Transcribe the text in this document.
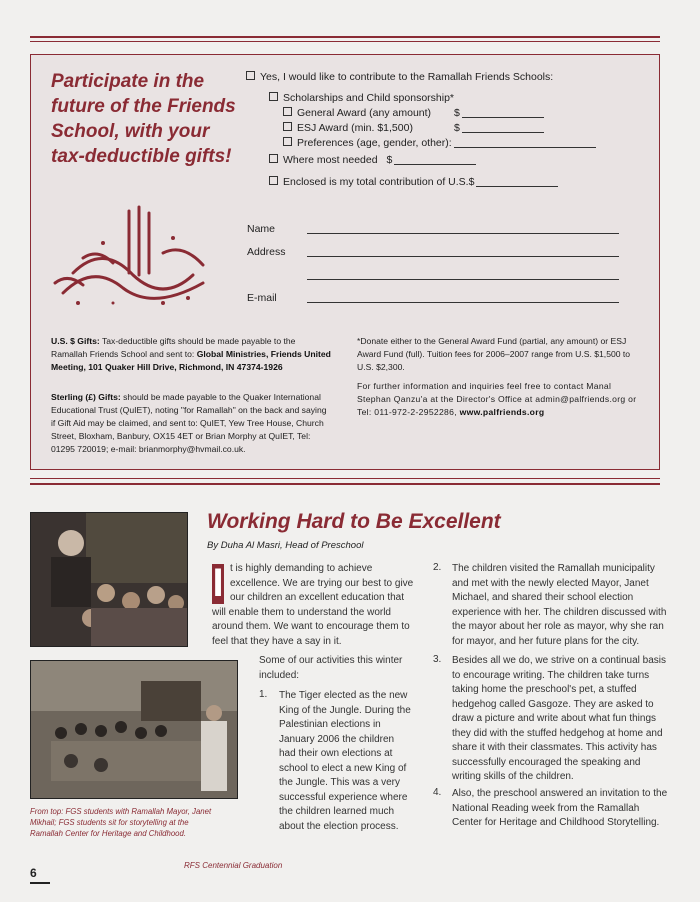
Participate in the future of the Friends School, with your tax-deductible gifts!
Yes, I would like to contribute to the Ramallah Friends Schools:
Scholarships and Child sponsorship*
General Award (any amount) $
ESJ Award (min. $1,500)	$
Preferences (age, gender, other):
Where most needed $
Enclosed is my total contribution of U.S.$
Name
Address
E-mail
U.S. $ Gifts: Tax-deductible gifts should be made payable to the Ramallah Friends School and sent to: Global Ministries, Friends United Meeting, 101 Quaker Hill Drive, Richmond, IN 47374-1926
Sterling (£) Gifts: should be made payable to the Quaker International Educational Trust (QuIET), noting "for Ramallah" on the back and saying if Gift Aid may be claimed, and sent to: QuIET, Yew Tree House, Church Street, Bloxham, Banbury, OX15 4ET or Brian Morphy at QuIET, Tel: 01295 720019; e-mail: brianmorphy@hvmail.co.uk.
*Donate either to the General Award Fund (partial, any amount) or ESJ Award Fund (full). Tuition fees for 2006–2007 range from U.S. $1,500 to U.S. $2,300.
For further information and inquiries feel free to contact Manal Stephan Qanzu'a at the Director's Office at admin@palfriends.org or Tel: 011-972-2-2952286, www.palfriends.org

From top: FGS students with Ramallah Mayor, Janet Mikhail; FGS students sit for storytelling at the Ramallah Center for Heritage and Childhood.

Working Hard to Be Excellent
By Duha Al Masri, Head of Preschool

I t is highly demanding to achieve excellence. We are trying our best to give our children an excellent education that will enable them to understand the world around them. We want to encourage them to feel that they have a say in it.

Some of our activities this winter included:

1. The Tiger elected as the new King of the Jungle. During the Palestinian elections in January 2006 the children had their own elections at school to elect a new King of the Jungle. This was a very successful experience where the children learned much about the election process.

2. The children visited the Ramallah municipality and met with the newly elected Mayor, Janet Michael, and shared their school election experience with her. The children discussed with the mayor about her role as mayor, why she ran for mayor, and her future plans for the city.

3. Besides all we do, we strive on a continual basis to encourage writing. The children take turns taking home the preschool's pet, a stuffed hedgehog called Gasgoze. They are asked to draw a picture and write about what fun things they did with the stuffed hedgehog at home and share it with their classmates. This activity has successfully encouraged the speaking and writing skills of the children.

4. Also, the preschool answered an invitation to the National Reading week from the Ramallah Center for Heritage and Childhood Storytelling.

RFS Centennial Graduation
6
